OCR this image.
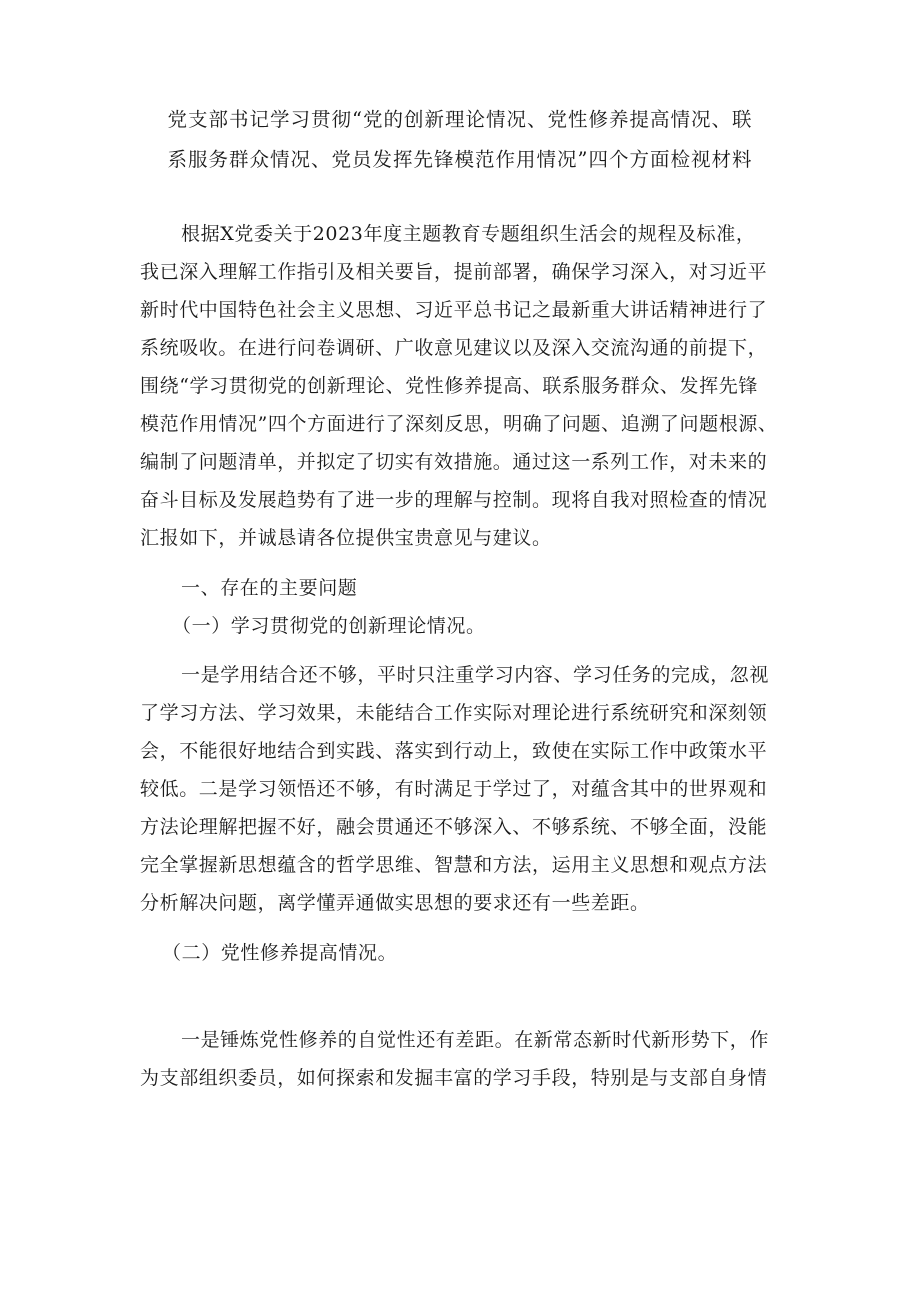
党支部书记学习贯彻“党的创新理论情况、党性修养提高情况、联
系服务群众情况、党员发挥先锋模范作用情况”四个方面检视材料
根据X党委关于2023年度主题教育专题组织生活会的规程及标准，
我已深入理解工作指引及相关要旨，提前部署，确保学习深入，对习近平
新时代中国特色社会主义思想、习近平总书记之最新重大讲话精神进行了
系统吸收。在进行问卷调研、广收意见建议以及深入交流沟通的前提下，
围绕“学习贯彻党的创新理论、党性修养提高、联系服务群众、发挥先锋
模范作用情况”四个方面进行了深刻反思，明确了问题、追溯了问题根源、
编制了问题清单，并拟定了切实有效措施。通过这一系列工作，对未来的
奋斗目标及发展趋势有了进一步的理解与控制。现将自我对照检查的情况
汇报如下，并诚恳请各位提供宝贵意见与建议。
一、存在的主要问题
（一）学习贯彻党的创新理论情况。
一是学用结合还不够，平时只注重学习内容、学习任务的完成，忽视
了学习方法、学习效果，未能结合工作实际对理论进行系统研究和深刻领
会，不能很好地结合到实践、落实到行动上，致使在实际工作中政策水平
较低。二是学习领悟还不够，有时满足于学过了，对蕴含其中的世界观和
方法论理解把握不好，融会贯通还不够深入、不够系统、不够全面，没能
完全掌握新思想蕴含的哲学思维、智慧和方法，运用主义思想和观点方法
分析解决问题，离学懂弄通做实思想的要求还有一些差距。
（二）党性修养提高情况。
一是锤炼党性修养的自觉性还有差距。在新常态新时代新形势下，作
为支部组织委员，如何探索和发掘丰富的学习手段，特别是与支部自身情
